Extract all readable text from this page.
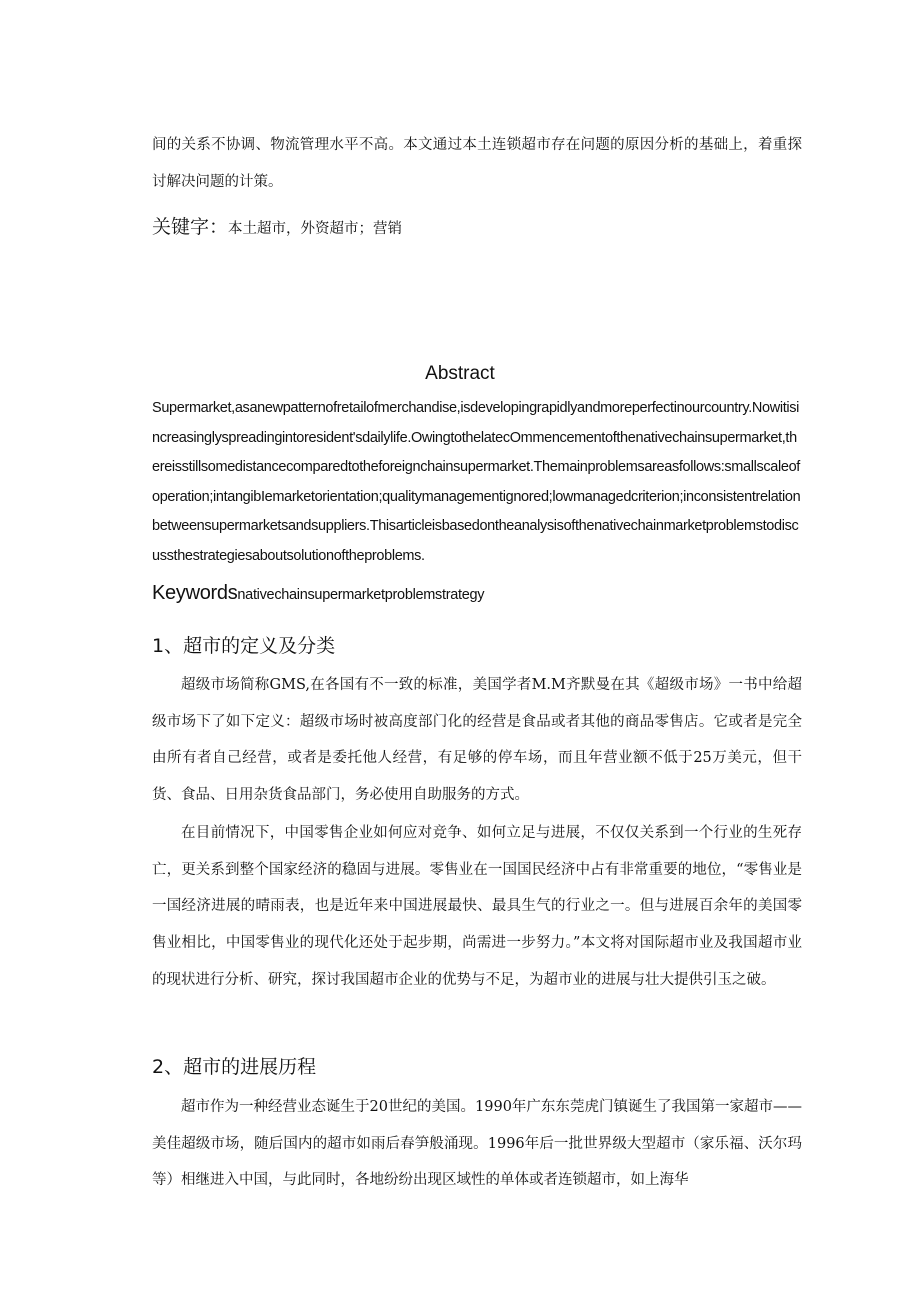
间的关系不协调、物流管理水平不高。本文通过本土连锁超市存在问题的原因分析的基础上，着重探讨解决问题的计策。

关键字：本土超市，外资超市；营销
Abstract

Supermarket,asanewpatternofretailofmerchandise,isdevelopingrapidlyandmoreperfectinourcountry.Nowitisincreasinglyspreadingintoresident'sdailylife.OwingtothelatecOmmencementofthenativechainsupermarket,thereisstillsomedistancecomparedtotheforeignchainsupermarket.Themainproblemsareasfollows:smallscaleofoperation;intangibIemarketorientation;qualitymanagementignored;lowmanagedcriterion;inconsistentrelationbetweensupermarketsandsuppliers.Thisarticleisbasedontheanalysisofthenativechainmarketproblemstodiscussthestrategiesaboutsolutionoftheproblems.

Keywordsnativechainsupermarketproblemstrategy
1、超市的定义及分类

超级市场简称GMS,在各国有不一致的标准，美国学者M.M齐默曼在其《超级市场》一书中给超级市场下了如下定义：超级市场时被高度部门化的经营是食品或者其他的商品零售店。它或者是完全由所有者自己经营，或者是委托他人经营，有足够的停车场，而且年营业额不低于25万美元，但干货、食品、日用杂货食品部门，务必使用自助服务的方式。

在目前情况下，中国零售企业如何应对竞争、如何立足与进展，不仅仅关系到一个行业的生死存亡，更关系到整个国家经济的稳固与进展。零售业在一国国民经济中占有非常重要的地位，“零售业是一国经济进展的晴雨表，也是近年来中国进展最快、最具生气的行业之一。但与进展百余年的美国零售业相比，中国零售业的现代化还处于起步期，尚需进一步努力。”本文将对国际超市业及我国超市业的现状进行分析、研究，探讨我国超市企业的优势与不足，为超市业的进展与壮大提供引玉之破。

2、超市的进展历程

超市作为一种经营业态诞生于20世纪的美国。1990年广东东莞虎门镇诞生了我国第一家超市——美佳超级市场，随后国内的超市如雨后春笋般涌现。1996年后一批世界级大型超市（家乐福、沃尔玛等）相继进入中国，与此同时，各地纷纷出现区域性的单体或者连锁超市，如上海华
